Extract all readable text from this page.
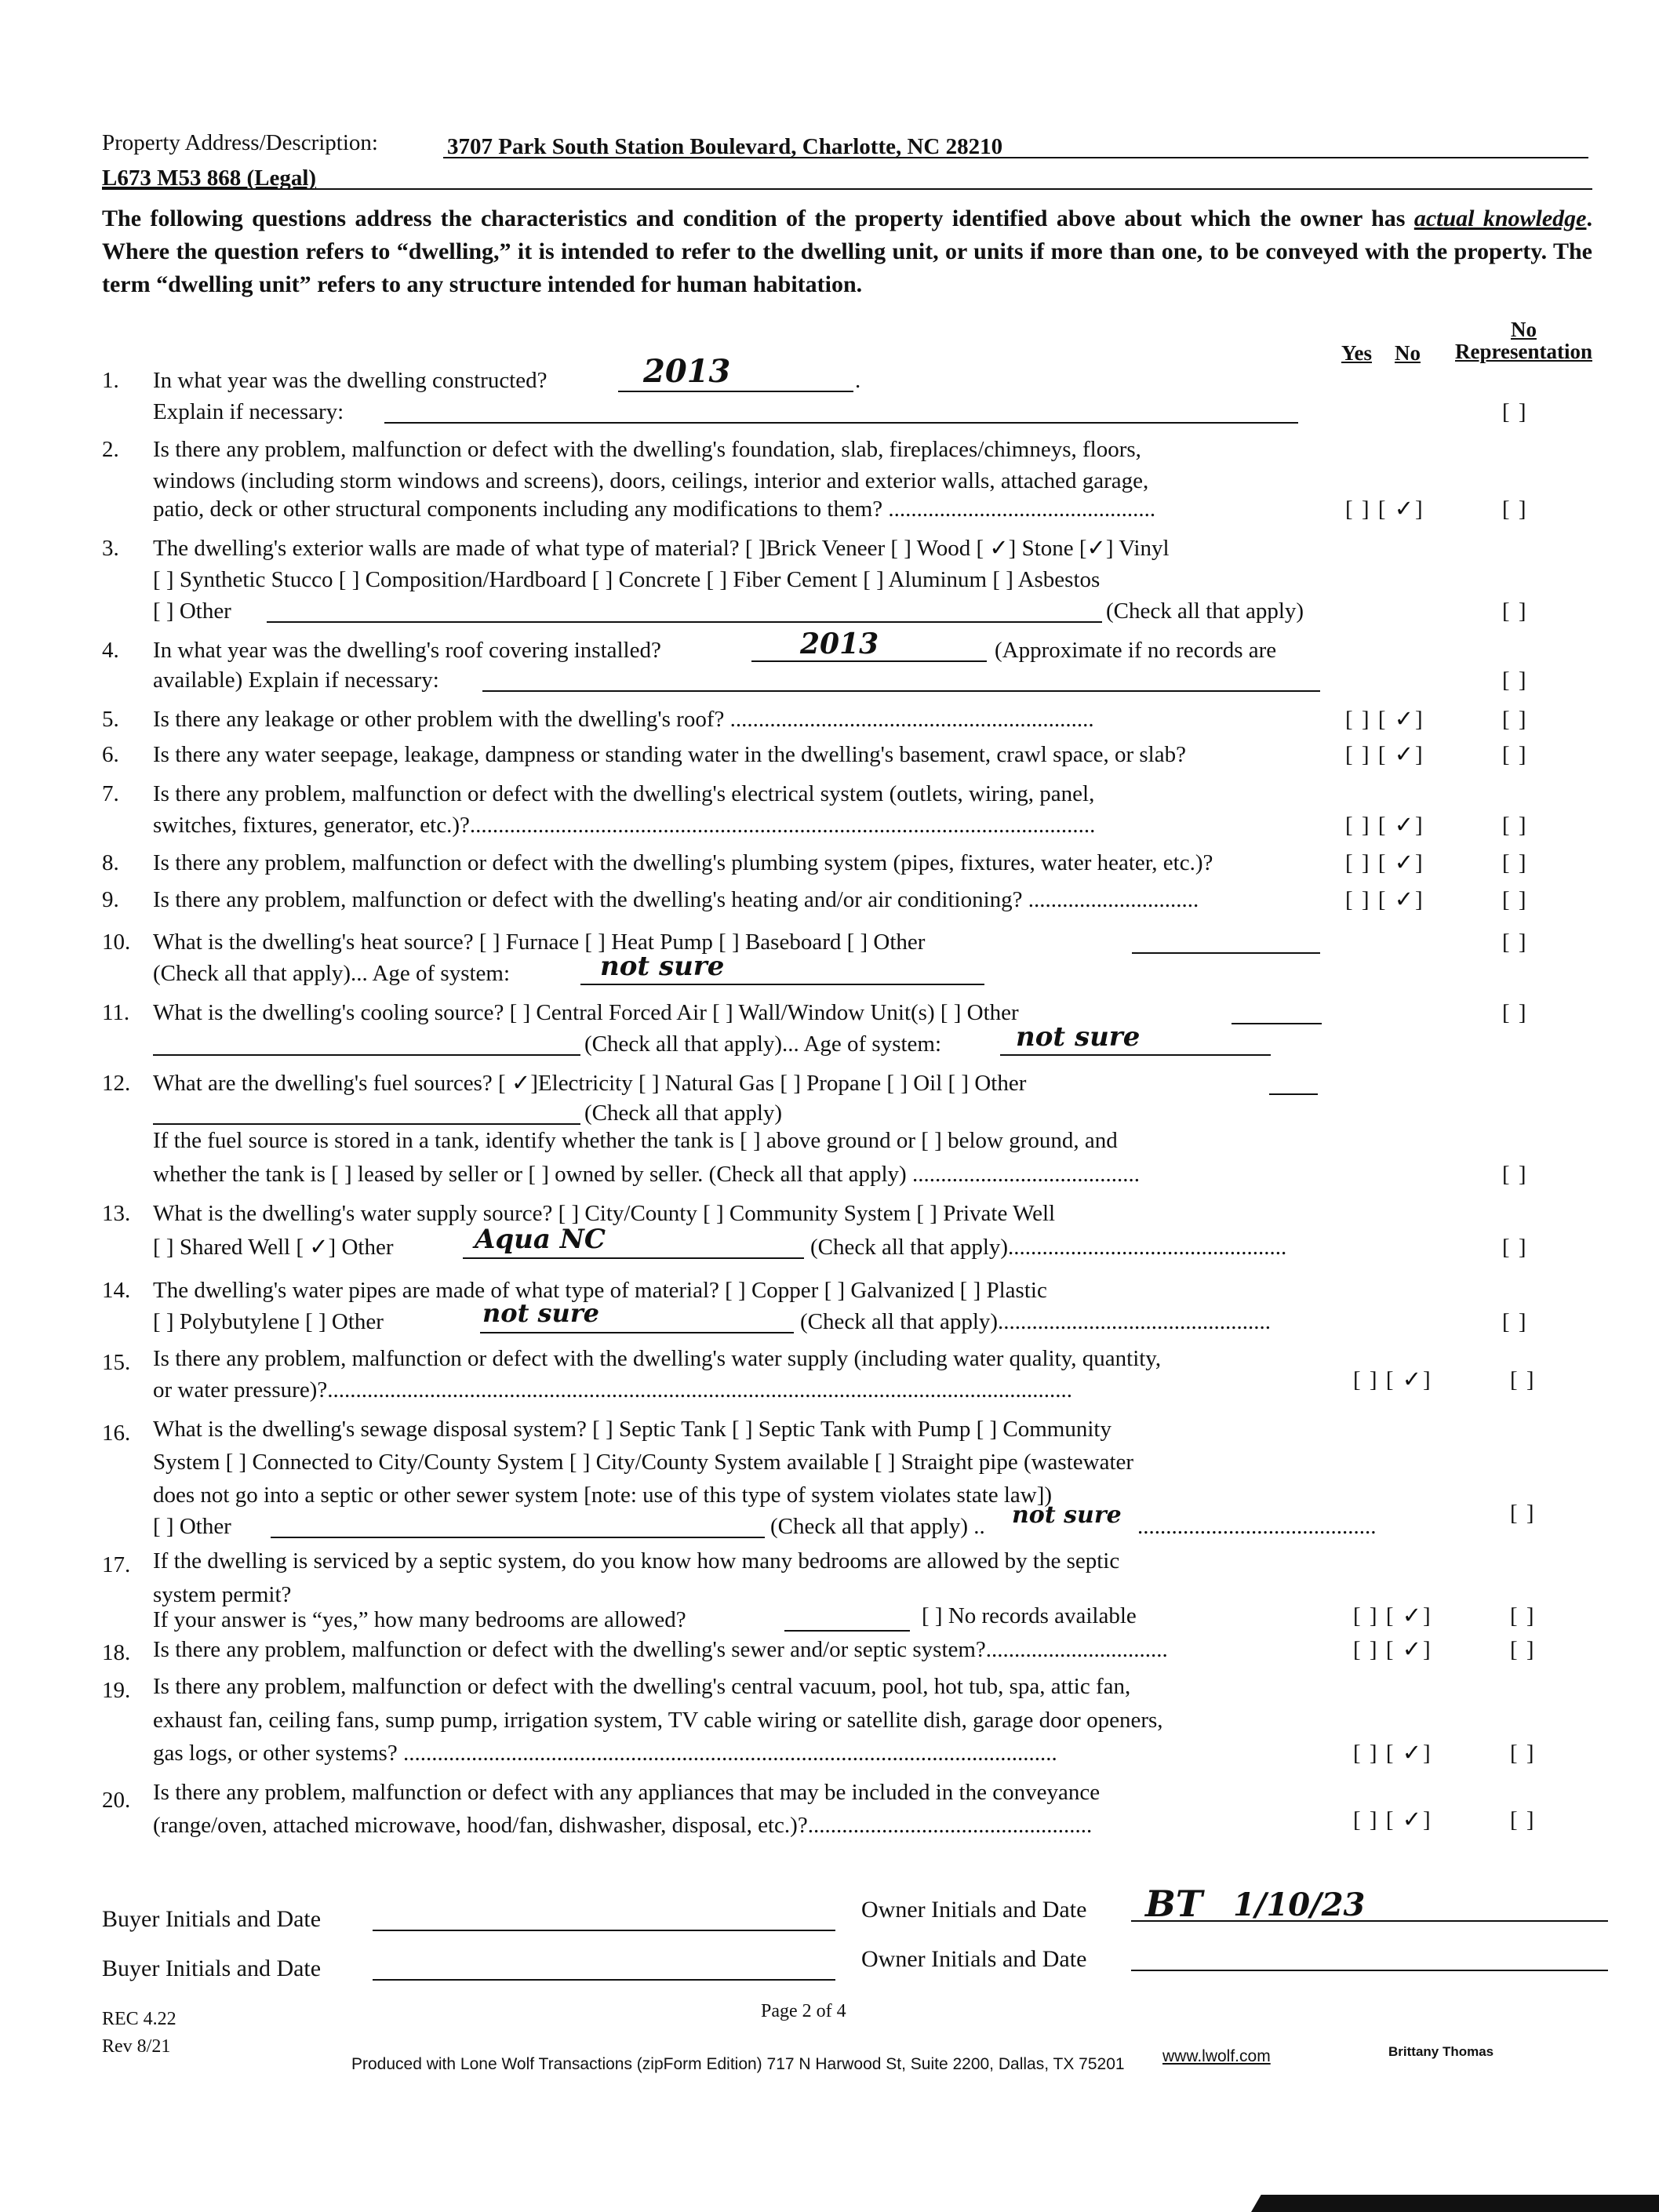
Property Address/Description:	3707 Park South Station Boulevard, Charlotte, NC 28210
L673 M53 868 (Legal)
The following questions address the characteristics and condition of the property identified above about which the owner has actual knowledge. Where the question refers to “dwelling,” it is intended to refer to the dwelling unit, or units if more than one, to be conveyed with the property. The term “dwelling unit” refers to any structure intended for human habitation.
Yes No
No
Representation
1. In what year was the dwelling constructed?	2013	.
Explain if necessary:	[ ]
2. Is there any problem, malfunction or defect with the dwelling's foundation, slab, fireplaces/chimneys, floors,
windows (including storm windows and screens), doors, ceilings, interior and exterior walls, attached garage,
patio, deck or other structural components including any modifications to them? ...............................................	[ ] [ ✓]	[ ]
3. The dwelling's exterior walls are made of what type of material? [ ]Brick Veneer [ ] Wood [ ✓] Stone [✓] Vinyl
[ ] Synthetic Stucco [ ] Composition/Hardboard [ ] Concrete [ ] Fiber Cement [ ] Aluminum [ ] Asbestos
[ ] Other	(Check all that apply)	[ ]
4. In what year was the dwelling's roof covering installed?	2013	(Approximate if no records are
available) Explain if necessary:	[ ]
5. Is there any leakage or other problem with the dwelling's roof? ................................................................	[ ] [ ✓]	[ ]
6. Is there any water seepage, leakage, dampness or standing water in the dwelling's basement, crawl space, or slab?	[ ] [ ✓]	[ ]
7. Is there any problem, malfunction or defect with the dwelling's electrical system (outlets, wiring, panel,
switches, fixtures, generator, etc.)?..............................................................................................................	[ ] [ ✓]	[ ]
8. Is there any problem, malfunction or defect with the dwelling's plumbing system (pipes, fixtures, water heater, etc.)?	[ ] [ ✓]	[ ]
9. Is there any problem, malfunction or defect with the dwelling's heating and/or air conditioning? ..............................	[ ] [ ✓]	[ ]
10. What is the dwelling's heat source? [ ] Furnace [ ] Heat Pump [ ] Baseboard [ ] Other	[ ]
(Check all that apply)... Age of system:	not sure
11. What is the dwelling's cooling source? [ ] Central Forced Air [ ] Wall/Window Unit(s) [ ] Other	[ ]
(Check all that apply)... Age of system:	not sure
12. What are the dwelling's fuel sources? [ ✓]Electricity [ ] Natural Gas [ ] Propane [ ] Oil [ ] Other
(Check all that apply)
If the fuel source is stored in a tank, identify whether the tank is [ ] above ground or [ ] below ground, and
whether the tank is [ ] leased by seller or [ ] owned by seller. (Check all that apply) ........................................	[ ]
13. What is the dwelling's water supply source? [ ] City/County [ ] Community System [ ] Private Well
[ ] Shared Well [ ✓] Other	Aqua NC	(Check all that apply).................................................	[ ]
14. The dwelling's water pipes are made of what type of material? [ ] Copper [ ] Galvanized [ ] Plastic
[ ] Polybutylene [ ] Other	not sure	(Check all that apply)................................................	[ ]
15. Is there any problem, malfunction or defect with the dwelling's water supply (including water quality, quantity,
or water pressure)?...................................................................................................................................	[ ] [ ✓]	[ ]
16. What is the dwelling's sewage disposal system? [ ] Septic Tank [ ] Septic Tank with Pump [ ] Community
System [ ] Connected to City/County System [ ] City/County System available [ ] Straight pipe (wastewater
does not go into a septic or other sewer system [note: use of this type of system violates state law])
[ ] Other	(Check all that apply) .. not sure ..........................................
[ ]
17. If the dwelling is serviced by a septic system, do you know how many bedrooms are allowed by the septic
system permit?
If your answer is “yes,” how many bedrooms are allowed?	[ ] No records available	[ ] [ ✓]	[ ]
18. Is there any problem, malfunction or defect with the dwelling's sewer and/or septic system?................................	[ ] [ ✓]	[ ]
19. Is there any problem, malfunction or defect with the dwelling's central vacuum, pool, hot tub, spa, attic fan,
exhaust fan, ceiling fans, sump pump, irrigation system, TV cable wiring or satellite dish, garage door openers,
gas logs, or other systems? ...................................................................................................................	[ ] [ ✓]	[ ]
20. Is there any problem, malfunction or defect with any appliances that may be included in the conveyance
(range/oven, attached microwave, hood/fan, dishwasher, disposal, etc.)?..................................................	[ ] [ ✓]	[ ]
Buyer Initials and Date	Owner Initials and Date BT 1/10/23
Buyer Initials and Date	Owner Initials and Date
REC 4.22
Rev 8/21
Page 2 of 4
Produced with Lone Wolf Transactions (zipForm Edition) 717 N Harwood St, Suite 2200, Dallas, TX 75201 www.lwolf.com	Brittany Thomas
